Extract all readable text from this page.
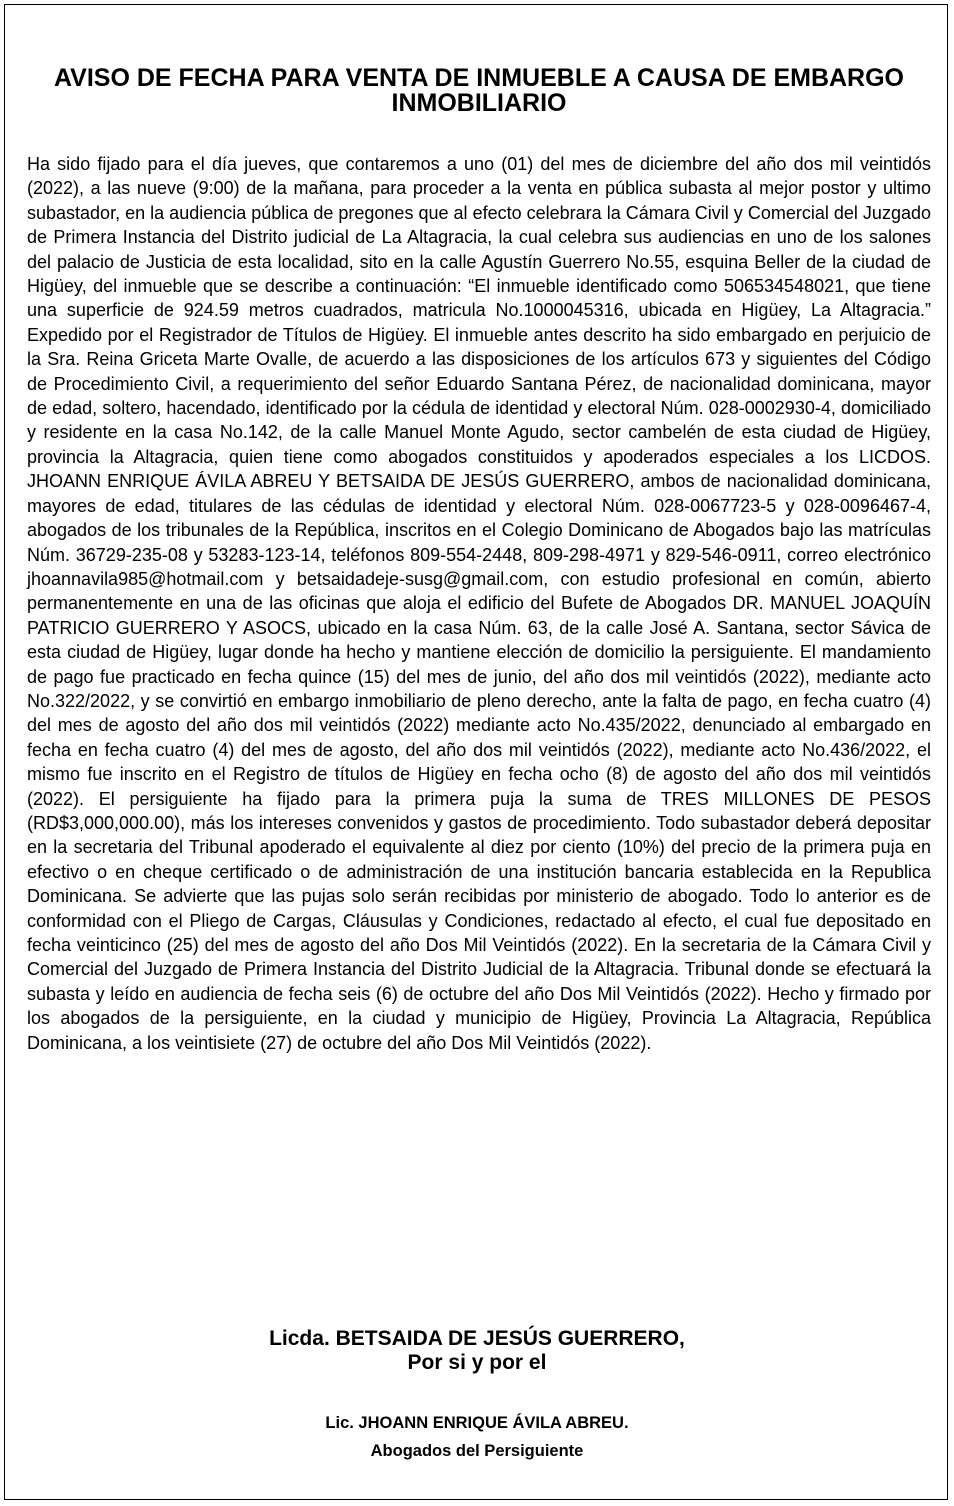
AVISO DE FECHA PARA VENTA DE INMUEBLE A CAUSA DE EMBARGO INMOBILIARIO

Ha sido fijado para el día jueves, que contaremos a uno (01) del mes de diciembre del año dos mil veintidós (2022), a las nueve (9:00) de la mañana, para proceder a la venta en pública subasta al mejor postor y ultimo subastador, en la audiencia pública de pregones que al efecto celebrara la Cámara Civil y Comercial del Juzgado de Primera Instancia del Distrito judicial de La Altagracia, la cual celebra sus audiencias en uno de los salones del palacio de Justicia de esta localidad, sito en la calle Agustín Guerrero No.55, esquina Beller de la ciudad de Higüey, del inmueble que se describe a continuación: “El inmueble identificado como 506534548021, que tiene una superficie de 924.59 metros cuadrados, matricula No.1000045316, ubicada en Higüey, La Altagracia.” Expedido por el Registrador de Títulos de Higüey. El inmueble antes descrito ha sido embargado en perjuicio de la Sra. Reina Griceta Marte Ovalle, de acuerdo a las disposiciones de los artículos 673 y siguientes del Código de Procedimiento Civil, a requerimiento del señor Eduardo Santana Pérez, de nacionalidad dominicana, mayor de edad, soltero, hacendado, identificado por la cédula de identidad y electoral Núm. 028-0002930-4, domiciliado y residente en la casa No.142, de la calle Manuel Monte Agudo, sector cambelén de esta ciudad de Higüey, provincia la Altagracia, quien tiene como abogados constituidos y apoderados especiales a los LICDOS. JHOANN ENRIQUE ÁVILA ABREU Y BETSAIDA DE JESÚS GUERRERO, ambos de nacionalidad dominicana, mayores de edad, titulares de las cédulas de identidad y electoral Núm. 028-0067723-5 y 028-0096467-4, abogados de los tribunales de la República, inscritos en el Colegio Dominicano de Abogados bajo las matrículas Núm. 36729-235-08 y 53283-123-14, teléfonos 809-554-2448, 809-298-4971 y 829-546-0911, correo electrónico jhoannavila985@hotmail.com y betsaidadeje-susg@gmail.com, con estudio profesional en común, abierto permanentemente en una de las oficinas que aloja el edificio del Bufete de Abogados DR. MANUEL JOAQUÍN PATRICIO GUERRERO Y ASOCS, ubicado en la casa Núm. 63, de la calle José A. Santana, sector Sávica de esta ciudad de Higüey, lugar donde ha hecho y mantiene elección de domicilio la persiguiente. El mandamiento de pago fue practicado en fecha quince (15) del mes de junio, del año dos mil veintidós (2022), mediante acto No.322/2022, y se convirtió en embargo inmobiliario de pleno derecho, ante la falta de pago, en fecha cuatro (4) del mes de agosto del año dos mil veintidós (2022) mediante acto No.435/2022, denunciado al embargado en fecha en fecha cuatro (4) del mes de agosto, del año dos mil veintidós (2022), mediante acto No.436/2022, el mismo fue inscrito en el Registro de títulos de Higüey en fecha ocho (8) de agosto del año dos mil veintidós (2022). El persiguiente ha fijado para la primera puja la suma de TRES MILLONES DE PESOS (RD$3,000,000.00), más los intereses convenidos y gastos de procedimiento. Todo subastador deberá depositar en la secretaria del Tribunal apoderado el equivalente al diez por ciento (10%) del precio de la primera puja en efectivo o en cheque certificado o de administración de una institución bancaria establecida en la Republica Dominicana. Se advierte que las pujas solo serán recibidas por ministerio de abogado. Todo lo anterior es de conformidad con el Pliego de Cargas, Cláusulas y Condiciones, redactado al efecto, el cual fue depositado en fecha veinticinco (25) del mes de agosto del año Dos Mil Veintidós (2022). En la secretaria de la Cámara Civil y Comercial del Juzgado de Primera Instancia del Distrito Judicial de la Altagracia. Tribunal donde se efectuará la subasta y leído en audiencia de fecha seis (6) de octubre del año Dos Mil Veintidós (2022). Hecho y firmado por los abogados de la persiguiente, en la ciudad y municipio de Higüey, Provincia La Altagracia, República Dominicana, a los veintisiete (27) de octubre del año Dos Mil Veintidós (2022).

Licda. BETSAIDA DE JESÚS GUERRERO,

Por si y por el

Lic. JHOANN ENRIQUE ÁVILA ABREU.

Abogados del Persiguiente
